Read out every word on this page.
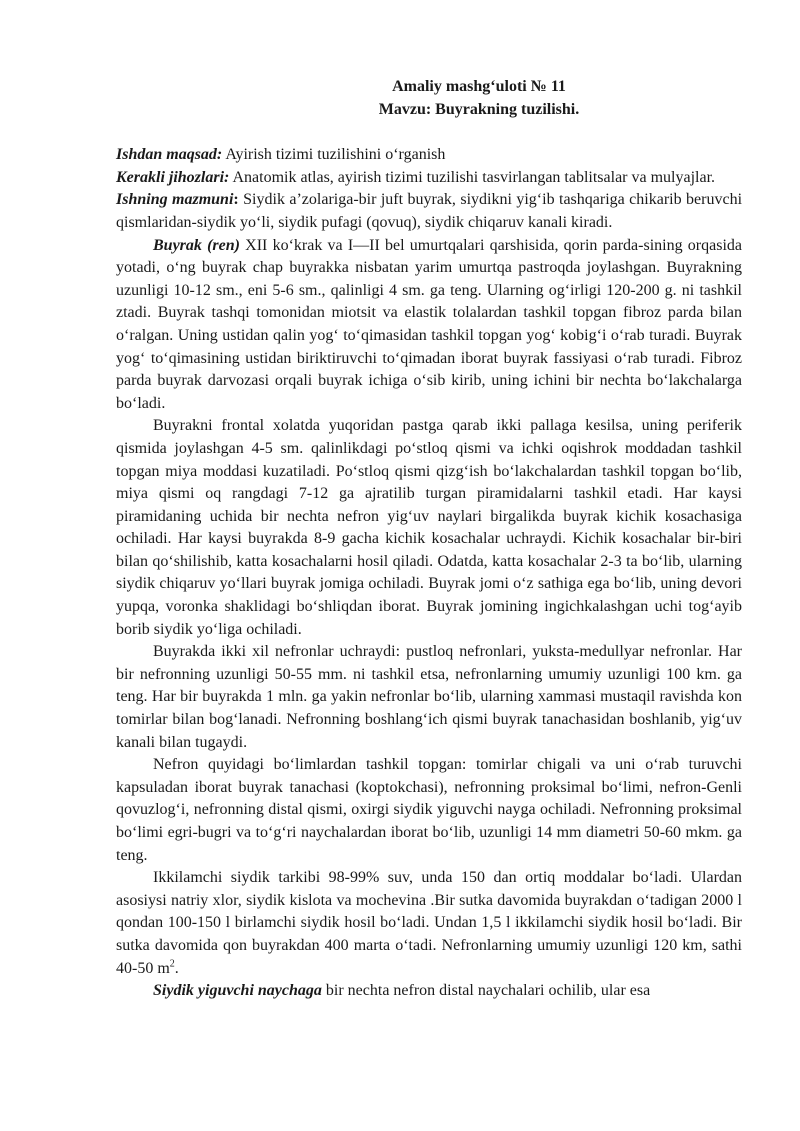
Amaliy mashg‘uloti № 11
Mavzu: Buyrakning tuzilishi.

Ishdan maqsad: Ayirish tizimi tuzilishini o‘rganish

Kerakli jihozlari: Anatomik atlas, ayirish tizimi tuzilishi tasvirlangan tablitsalar va mulyajlar.

Ishning mazmuni: Siydik a’zolariga-bir juft buyrak, siydikni yig‘ib tashqariga chikarib beruvchi qismlaridan-siydik yo‘li, siydik pufagi (qovuq), siydik chiqaruv kanali kiradi.

Buyrak (ren) XII ko‘krak va I—II bel umurtqalari qarshisida, qorin parda-sining orqasida yotadi, o‘ng buyrak chap buyrakka nisbatan yarim umurtqa pastroqda joylashgan. Buyrakning uzunligi 10-12 sm., eni 5-6 sm., qalinligi 4 sm. ga teng. Ularning og‘irligi 120-200 g. ni tashkil ztadi. Buyrak tashqi tomonidan miotsit va elastik tolalardan tashkil topgan fibroz parda bilan o‘ralgan. Uning ustidan qalin yog‘ to‘qimasidan tashkil topgan yog‘ kobig‘i o‘rab turadi. Buyrak yog‘ to‘qimasining ustidan biriktiruvchi to‘qimadan iborat buyrak fassiyasi o‘rab turadi. Fibroz parda buyrak darvozasi orqali buyrak ichiga o‘sib kirib, uning ichini bir nechta bo‘lakchalarga bo‘ladi.

Buyrakni frontal xolatda yuqoridan pastga qarab ikki pallaga kesilsa, uning periferik qismida joylashgan 4-5 sm. qalinlikdagi po‘stloq qismi va ichki oqishrok moddadan tashkil topgan miya moddasi kuzatiladi. Po‘stloq qismi qizg‘ish bo‘lakchalardan tashkil topgan bo‘lib, miya qismi oq rangdagi 7-12 ga ajratilib turgan piramidalarni tashkil etadi. Har kaysi piramidaning uchida bir nechta nefron yig‘uv naylari birgalikda buyrak kichik kosachasiga ochiladi. Har kaysi buyrakda 8-9 gacha kichik kosachalar uchraydi. Kichik kosachalar bir-biri bilan qo‘shilishib, katta kosachalarni hosil qiladi. Odatda, katta kosachalar 2-3 ta bo‘lib, ularning siydik chiqaruv yo‘llari buyrak jomiga ochiladi. Buyrak jomi o‘z sathiga ega bo‘lib, uning devori yupqa, voronka shaklidagi bo‘shliqdan iborat. Buyrak jomining ingichkalashgan uchi tog‘ayib borib siydik yo‘liga ochiladi.

Buyrakda ikki xil nefronlar uchraydi: pustloq nefronlari, yuksta-medullyar nefronlar. Har bir nefronning uzunligi 50-55 mm. ni tashkil etsa, nefronlarning umumiy uzunligi 100 km. ga teng. Har bir buyrakda 1 mln. ga yakin nefronlar bo‘lib, ularning xammasi mustaqil ravishda kon tomirlar bilan bog‘lanadi. Nefronning boshlang‘ich qismi buyrak tanachasidan boshlanib, yig‘uv kanali bilan tugaydi.

Nefron quyidagi bo‘limlardan tashkil topgan: tomirlar chigali va uni o‘rab turuvchi kapsuladan iborat buyrak tanachasi (koptokchasi), nefronning proksimal bo‘limi, nefron-Genli qovuzlog‘i, nefronning distal qismi, oxirgi siydik yiguvchi nayga ochiladi. Nefronning proksimal bo‘limi egri-bugri va to‘g‘ri naychalardan iborat bo‘lib, uzunligi 14 mm diametri 50-60 mkm. ga teng.

Ikkilamchi siydik tarkibi 98-99% suv, unda 150 dan ortiq moddalar bo‘ladi. Ulardan asosiysi natriy xlor, siydik kislota va mochevina .Bir sutka davomida buyrakdan o‘tadigan 2000 l qondan 100-150 l birlamchi siydik hosil bo‘ladi. Undan 1,5 l ikkilamchi siydik hosil bo‘ladi. Bir sutka davomida qon buyrakdan 400 marta o‘tadi. Nefronlarning umumiy uzunligi 120 km, sathi 40-50 $m^2$.

Siydik yiguvchi naychaga bir nechta nefron distal naychalari ochilib, ular esa
